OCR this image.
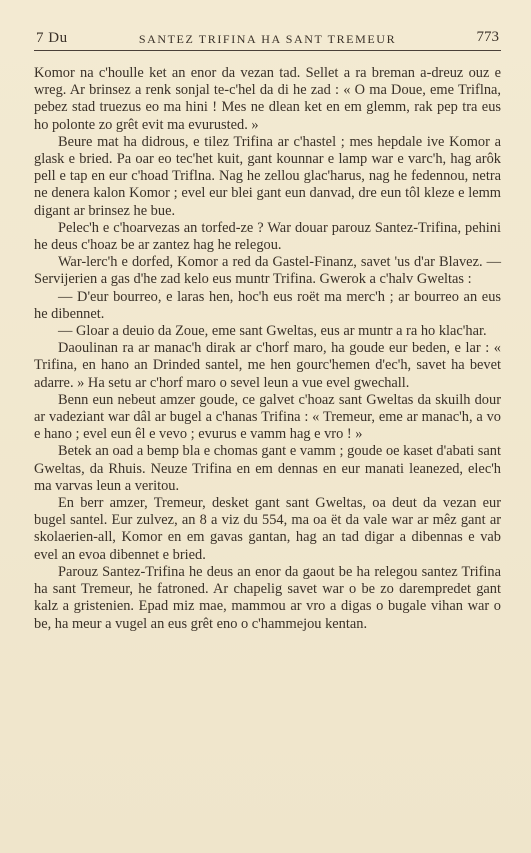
7 Du	SANTEZ TRIFINA HA SANT TREMEUR	773

Komor na c'houlle ket an enor da vezan tad. Sellet a ra breman a-dreuz ouz e wreg. Ar brinsez a renk sonjal te-c'hel da di he zad : « O ma Doue, eme Triflna, pebez stad truezus eo ma hini ! Mes ne dlean ket en em glemm, rak pep tra eus ho polonte zo grêt evit ma evurusted. »

Beure mat ha didrous, e tilez Trifina ar c'hastel ; mes hepdale ive Komor a glask e bried. Pa oar eo tec'het kuit, gant kounnar e lamp war e varc'h, hag arôk pell e tap en eur c'hoad Triflna. Nag he zellou glac'harus, nag he fedennou, netra ne denera kalon Komor ; evel eur blei gant eun danvad, dre eun tôl kleze e lemm digant ar brinsez he bue.

Pelec'h e c'hoarvezas an torfed-ze ? War douar parouz Santez-Trifina, pehini he deus c'hoaz be ar zantez hag he relegou.

War-lerc'h e dorfed, Komor a red da Gastel-Finanz, savet 'us d'ar Blavez. — Servijerien a gas d'he zad kelo eus muntr Trifina. Gwerok a c'halv Gweltas :

— D'eur bourreo, e laras hen, hoc'h eus roët ma merc'h ; ar bourreo an eus he dibennet.

— Gloar a deuio da Zoue, eme sant Gweltas, eus ar muntr a ra ho klac'har.

Daoulinan ra ar manac'h dirak ar c'horf maro, ha goude eur beden, e lar : « Trifina, en hano an Drinded santel, me hen gourc'hemen d'ec'h, savet ha bevet adarre. » Ha setu ar c'horf maro o sevel leun a vue evel gwechall.

Benn eun nebeut amzer goude, ce galvet c'hoaz sant Gweltas da skuilh dour ar vadeziant war dâl ar bugel a c'hanas Trifina : « Tremeur, eme ar manac'h, a vo e hano ; evel eun êl e vevo ; evurus e vamm hag e vro ! »

Betek an oad a bemp bla e chomas gant e vamm ; goude oe kaset d'abati sant Gweltas, da Rhuis. Neuze Trifina en em dennas en eur manati leanezed, elec'h ma varvas leun a veritou.

En berr amzer, Tremeur, desket gant sant Gweltas, oa deut da vezan eur bugel santel. Eur zulvez, an 8 a viz du 554, ma oa ët da vale war ar mêz gant ar skolaerien-all, Komor en em gavas gantan, hag an tad digar a dibennas e vab evel an evoa dibennet e bried.

Parouz Santez-Trifina he deus an enor da gaout be ha relegou santez Trifina ha sant Tremeur, he fatroned. Ar chapelig savet war o be zo darempredet gant kalz a gristenien. Epad miz mae, mammou ar vro a digas o bugale vihan war o be, ha meur a vugel an eus grêt eno o c'hammejou kentan.
